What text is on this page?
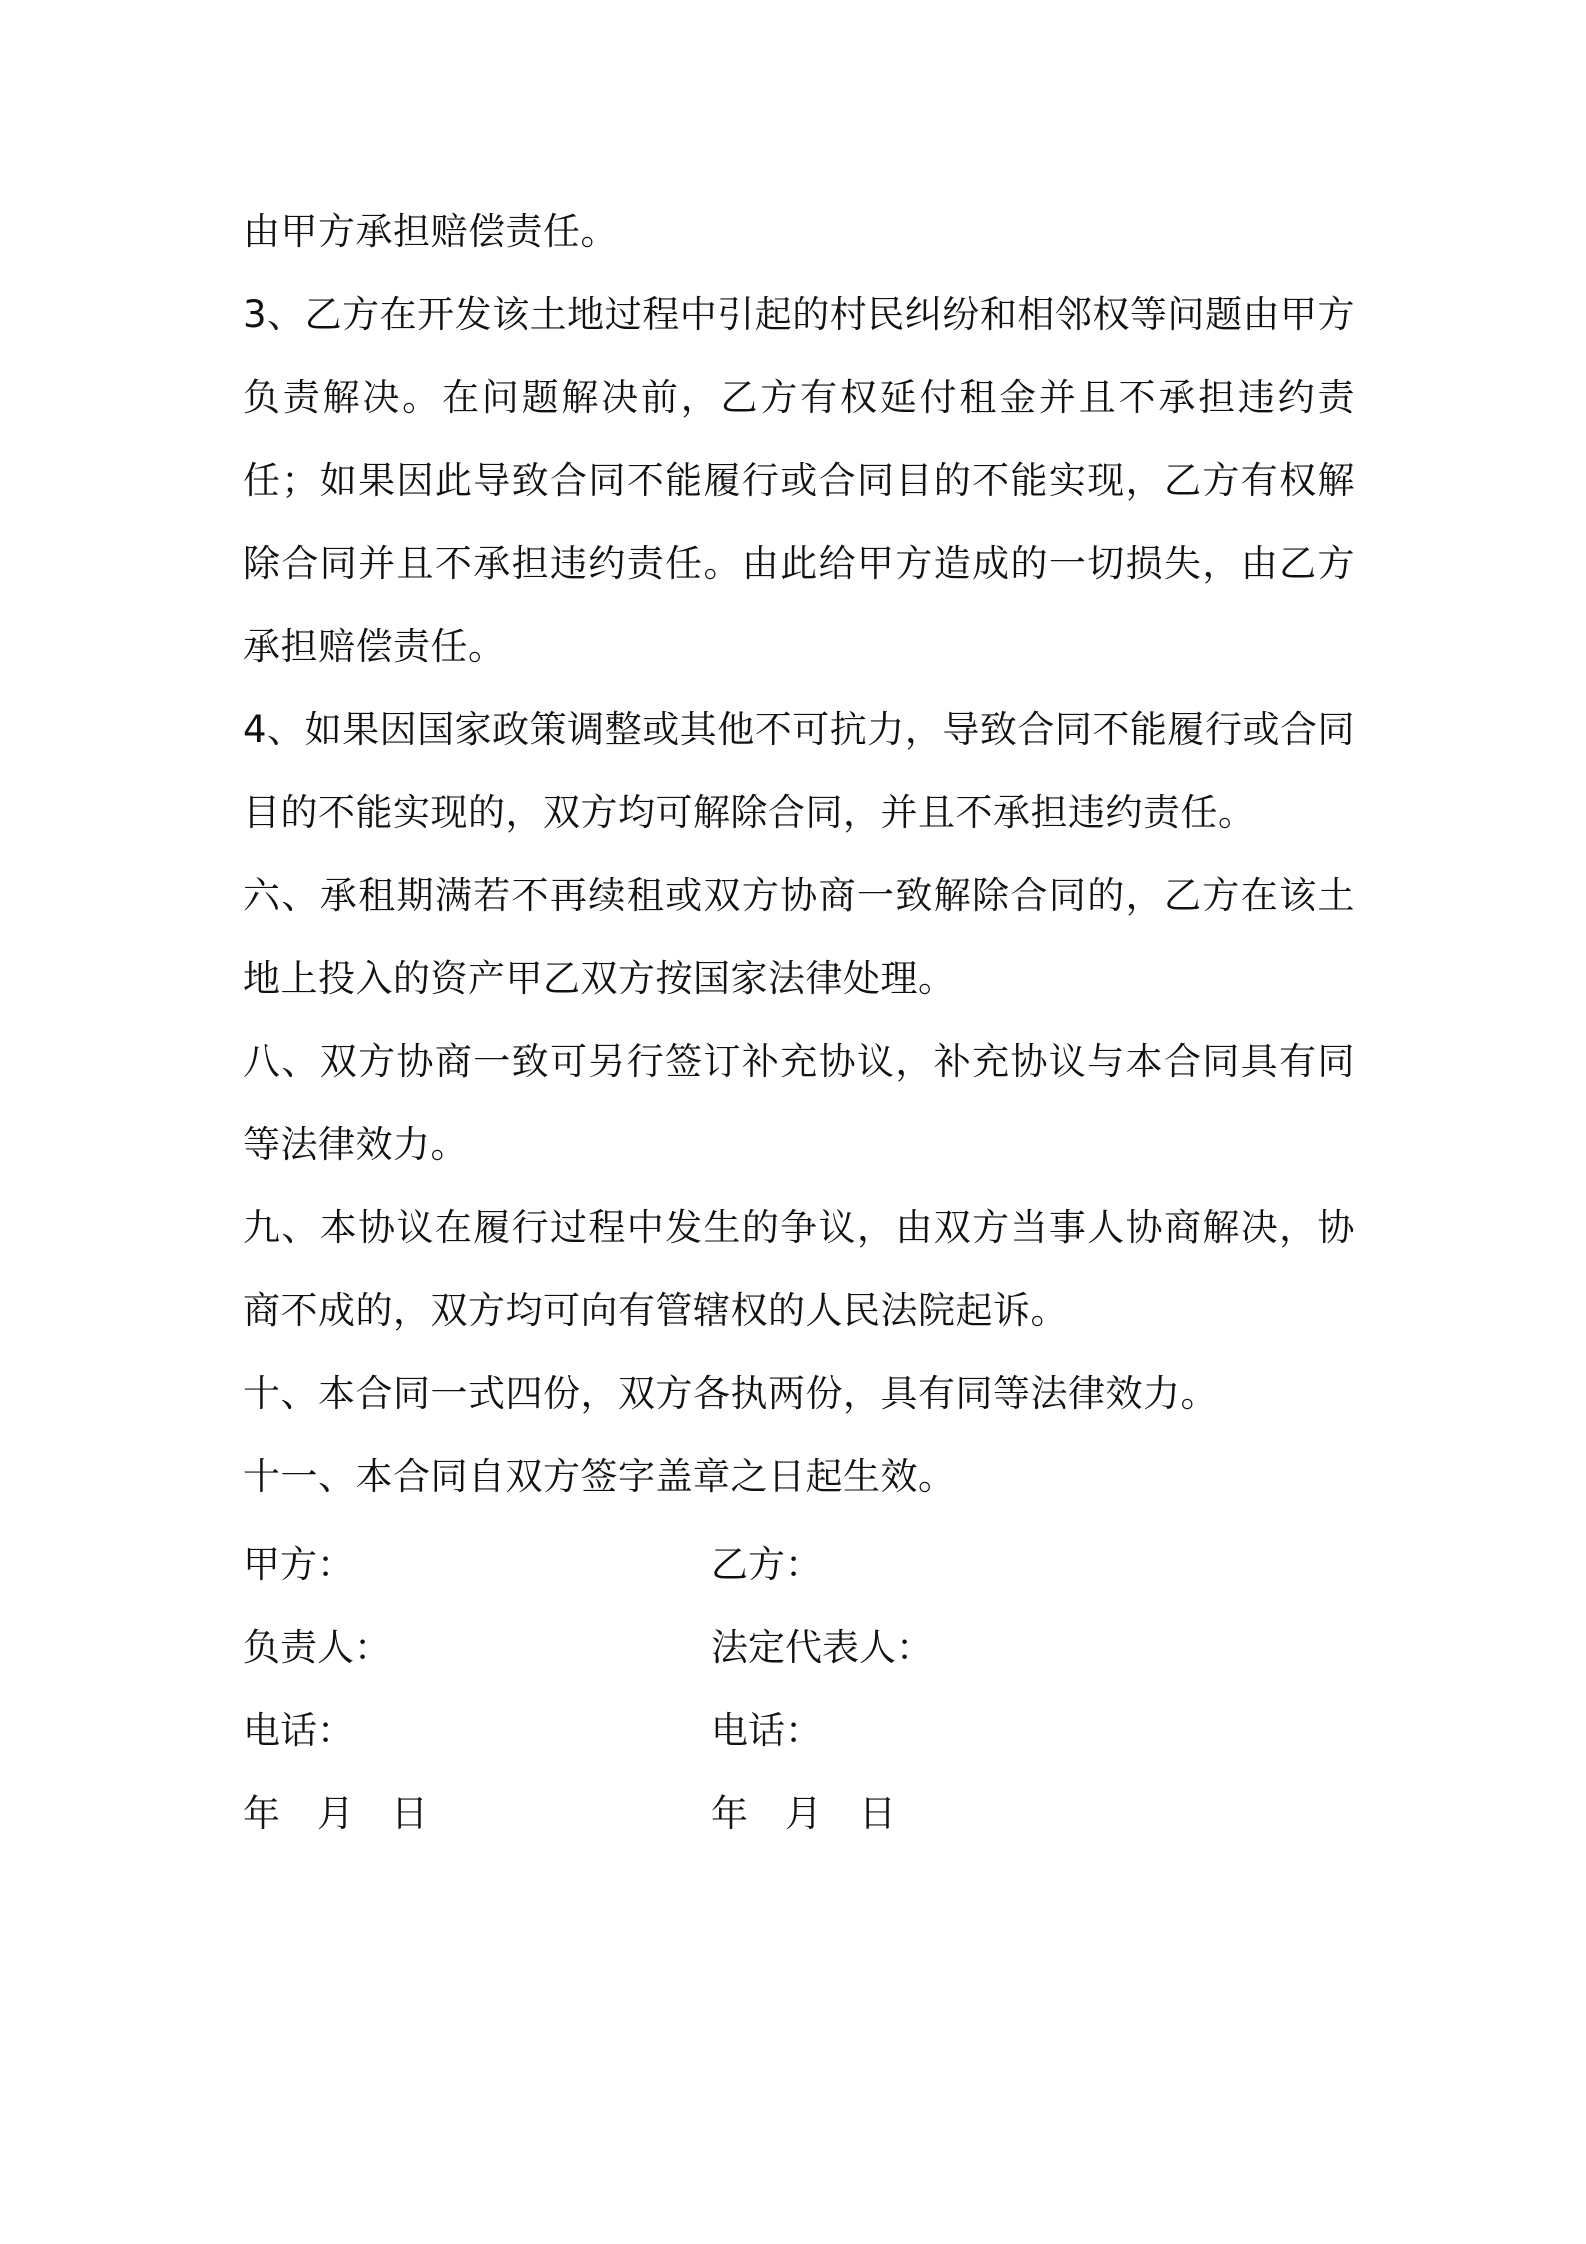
由甲方承担赔偿责任。

3、乙方在开发该土地过程中引起的村民纠纷和相邻权等问题由甲方负责解决。在问题解决前，乙方有权延付租金并且不承担违约责任；如果因此导致合同不能履行或合同目的不能实现，乙方有权解除合同并且不承担违约责任。由此给甲方造成的一切损失，由乙方承担赔偿责任。

4、如果因国家政策调整或其他不可抗力，导致合同不能履行或合同目的不能实现的，双方均可解除合同，并且不承担违约责任。

六、承租期满若不再续租或双方协商一致解除合同的，乙方在该土地上投入的资产甲乙双方按国家法律处理。

八、双方协商一致可另行签订补充协议，补充协议与本合同具有同等法律效力。

九、本协议在履行过程中发生的争议，由双方当事人协商解决，协商不成的，双方均可向有管辖权的人民法院起诉。

十、本合同一式四份，双方各执两份，具有同等法律效力。

十一、本合同自双方签字盖章之日起生效。

甲方：	乙方：
负责人：	法定代表人：
电话：	电话：
年　月　日	年　月　日
